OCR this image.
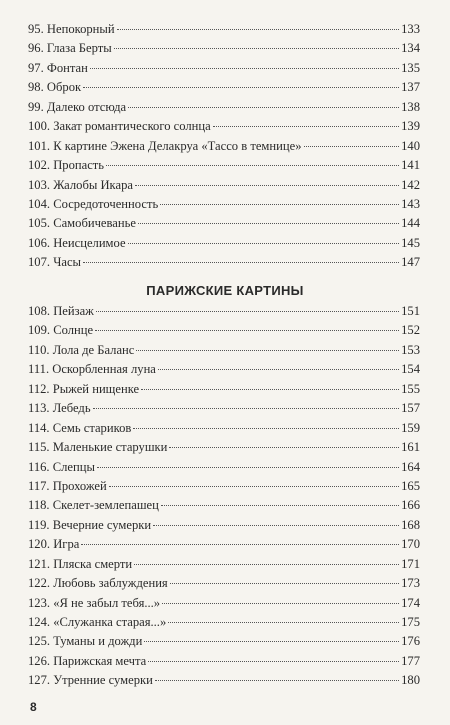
95. Непокорный	133
96. Глаза Берты	134
97. Фонтан	135
98. Оброк	137
99. Далеко отсюда	138
100. Закат романтического солнца	139
101. К картине Эжена Делакруа «Тассо в темнице»	140
102. Пропасть	141
103. Жалобы Икара	142
104. Сосредоточенность	143
105. Самобичеванье	144
106. Неисцелимое	145
107. Часы	147
ПАРИЖСКИЕ КАРТИНЫ
108. Пейзаж	151
109. Солнце	152
110. Лола де Баланс	153
111. Оскорбленная луна	154
112. Рыжей нищенке	155
113. Лебедь	157
114. Семь стариков	159
115. Маленькие старушки	161
116. Слепцы	164
117. Прохожей	165
118. Скелет-землепашец	166
119. Вечерние сумерки	168
120. Игра	170
121. Пляска смерти	171
122. Любовь заблуждения	173
123. «Я не забыл тебя...»	174
124. «Служанка старая...»	175
125. Туманы и дожди	176
126. Парижская мечта	177
127. Утренние сумерки	180
8
